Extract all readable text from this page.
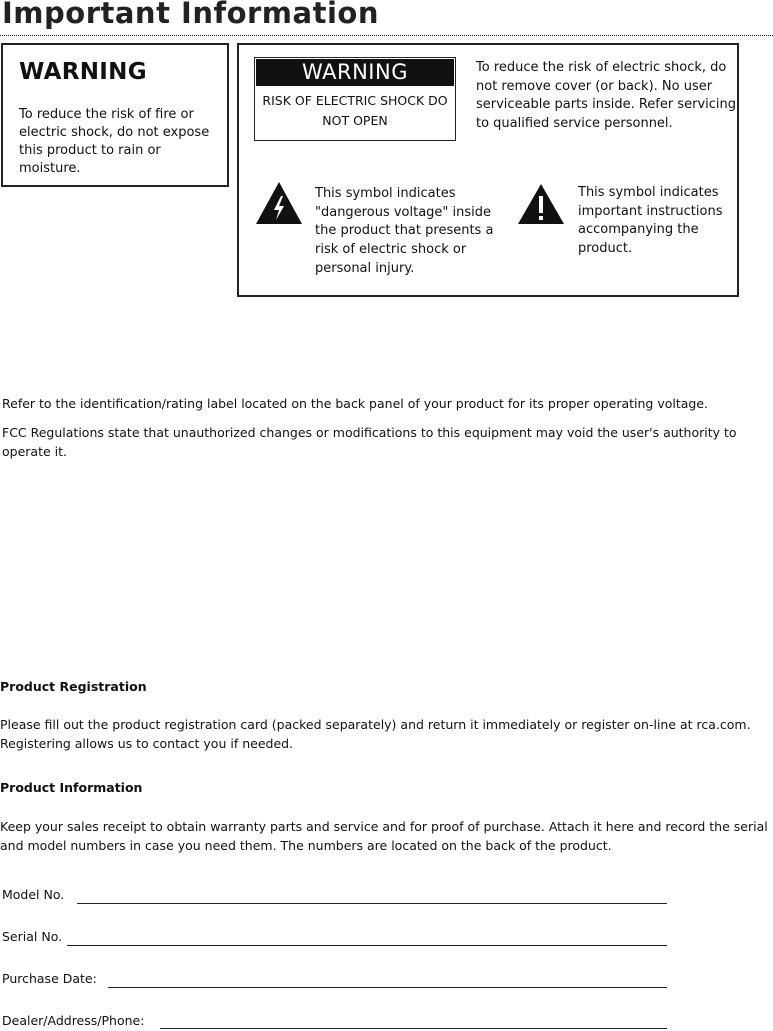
Important Information
WARNING
To reduce the risk of fire or electric shock, do not expose this product to rain or moisture.
WARNING
RISK OF ELECTRIC SHOCK DO NOT OPEN
To reduce the risk of electric shock, do not remove cover (or back). No user serviceable parts inside. Refer servicing to qualified service personnel.
This symbol indicates "dangerous voltage" inside the product that presents a risk of electric shock or personal injury.
This symbol indicates important instructions accompanying the product.
Refer to the identification/rating label located on the back panel of your product for its proper operating voltage.
FCC Regulations state that unauthorized changes or modifications to this equipment may void the user's authority to operate it.
Product Registration
Please fill out the product registration card (packed separately) and return it immediately or register on-line at rca.com. Registering allows us to contact you if needed.
Product Information
Keep your sales receipt to obtain warranty parts and service and for proof of purchase. Attach it here and record the serial and model numbers in case you need them. The numbers are located on the back of the product.
Model No.
Serial No.
Purchase Date:
Dealer/Address/Phone:
